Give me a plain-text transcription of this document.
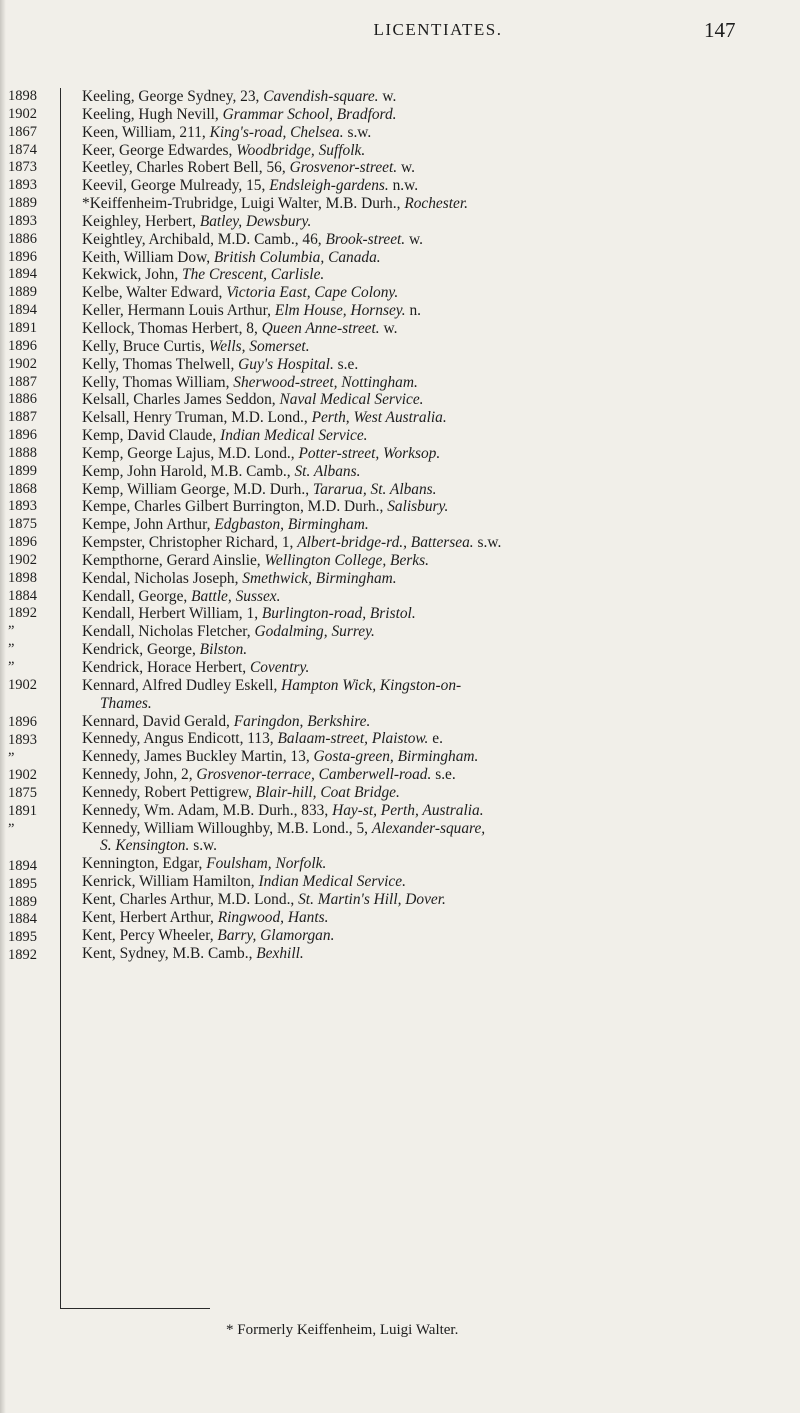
LICENTIATES.	147
1898
1902
1867
1874
1873
1893
1889
1893
1886
1896
1894
1889
1894
1891
1896
1902
1887
1886
1887
1896
1888
1899
1868
1893
1875
1896
1902
1898
1884
1892
”
”
”
1902
1896
1893
”
1902
1875
1891
”
1894
1895
1889
1884
1895
1892
Keeling, George Sydney, 23, Cavendish-square. w.
Keeling, Hugh Nevill, Grammar School, Bradford.
Keen, William, 211, King's-road, Chelsea. s.w.
Keer, George Edwardes, Woodbridge, Suffolk.
Keetley, Charles Robert Bell, 56, Grosvenor-street. w.
Keevil, George Mulready, 15, Endsleigh-gardens. n.w.
*Keiffenheim-Trubridge, Luigi Walter, M.B. Durh., Rochester.
Keighley, Herbert, Batley, Dewsbury.
Keightley, Archibald, M.D. Camb., 46, Brook-street. w.
Keith, William Dow, British Columbia, Canada.
Kekwick, John, The Crescent, Carlisle.
Kelbe, Walter Edward, Victoria East, Cape Colony.
Keller, Hermann Louis Arthur, Elm House, Hornsey. n.
Kellock, Thomas Herbert, 8, Queen Anne-street. w.
Kelly, Bruce Curtis, Wells, Somerset.
Kelly, Thomas Thelwell, Guy's Hospital. s.e.
Kelly, Thomas William, Sherwood-street, Nottingham.
Kelsall, Charles James Seddon, Naval Medical Service.
Kelsall, Henry Truman, M.D. Lond., Perth, West Australia.
Kemp, David Claude, Indian Medical Service.
Kemp, George Lajus, M.D. Lond., Potter-street, Worksop.
Kemp, John Harold, M.B. Camb., St. Albans.
Kemp, William George, M.D. Durh., Tararua, St. Albans.
Kempe, Charles Gilbert Burrington, M.D. Durh., Salisbury.
Kempe, John Arthur, Edgbaston, Birmingham.
Kempster, Christopher Richard, 1, Albert-bridge-rd., Battersea. s.w.
Kempthorne, Gerard Ainslie, Wellington College, Berks.
Kendal, Nicholas Joseph, Smethwick, Birmingham.
Kendall, George, Battle, Sussex.
Kendall, Herbert William, 1, Burlington-road, Bristol.
Kendall, Nicholas Fletcher, Godalming, Surrey.
Kendrick, George, Bilston.
Kendrick, Horace Herbert, Coventry.
Kennard, Alfred Dudley Eskell, Hampton Wick, Kingston-on-
Thames.
Kennard, David Gerald, Faringdon, Berkshire.
Kennedy, Angus Endicott, 113, Balaam-street, Plaistow. e.
Kennedy, James Buckley Martin, 13, Gosta-green, Birmingham.
Kennedy, John, 2, Grosvenor-terrace, Camberwell-road. s.e.
Kennedy, Robert Pettigrew, Blair-hill, Coat Bridge.
Kennedy, Wm. Adam, M.B. Durh., 833, Hay-st, Perth, Australia.
Kennedy, William Willoughby, M.B. Lond., 5, Alexander-square,
S. Kensington. s.w.
Kennington, Edgar, Foulsham, Norfolk.
Kenrick, William Hamilton, Indian Medical Service.
Kent, Charles Arthur, M.D. Lond., St. Martin's Hill, Dover.
Kent, Herbert Arthur, Ringwood, Hants.
Kent, Percy Wheeler, Barry, Glamorgan.
Kent, Sydney, M.B. Camb., Bexhill.
* Formerly Keiffenheim, Luigi Walter.
